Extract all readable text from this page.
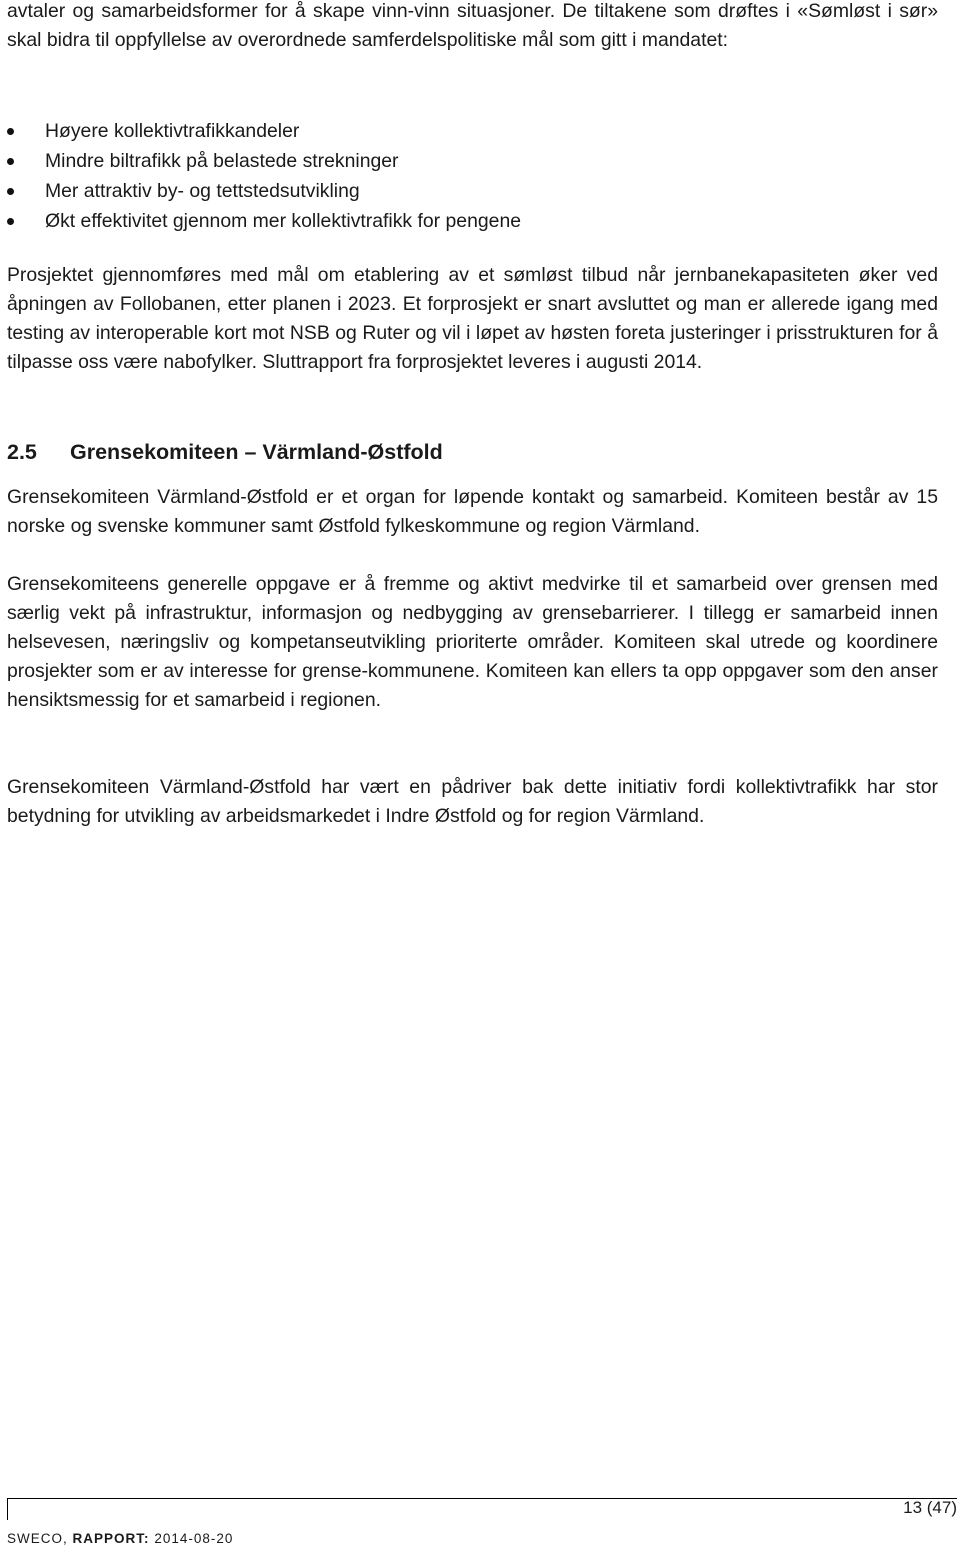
avtaler og samarbeidsformer for å skape vinn-vinn situasjoner. De tiltakene som drøftes i «Sømløst i sør» skal bidra til oppfyllelse av overordnede samferdelspolitiske mål som gitt i mandatet:

Høyere kollektivtrafikkandeler
Mindre biltrafikk på belastede strekninger
Mer attraktiv by- og tettstedsutvikling
Økt effektivitet gjennom mer kollektivtrafikk for pengene

Prosjektet gjennomføres med mål om etablering av et sømløst tilbud når jernbanekapasiteten øker ved åpningen av Follobanen, etter planen i 2023. Et forprosjekt er snart avsluttet og man er allerede igang med testing av interoperable kort mot NSB og Ruter og vil i løpet av høsten foreta justeringer i prisstrukturen for å tilpasse oss være nabofylker. Sluttrapport fra forprosjektet leveres i augusti 2014.

2.5 Grensekomiteen – Värmland-Østfold

Grensekomiteen Värmland-Østfold er et organ for løpende kontakt og samarbeid. Komiteen består av 15 norske og svenske kommuner samt Østfold fylkeskommune og region Värmland.

Grensekomiteens generelle oppgave er å fremme og aktivt medvirke til et samarbeid over grensen med særlig vekt på infrastruktur, informasjon og nedbygging av grensebarrierer. I tillegg er samarbeid innen helsevesen, næringsliv og kompetanseutvikling prioriterte områder. Komiteen skal utrede og koordinere prosjekter som er av interesse for grense-kommunene. Komiteen kan ellers ta opp oppgaver som den anser hensiktsmessig for et samarbeid i regionen.

Grensekomiteen Värmland-Østfold har vært en pådriver bak dette initiativ fordi kollektivtrafikk har stor betydning for utvikling av arbeidsmarkedet i Indre Østfold og for region Värmland.

13 (47)
SWECO, RAPPORT: 2014-08-20
